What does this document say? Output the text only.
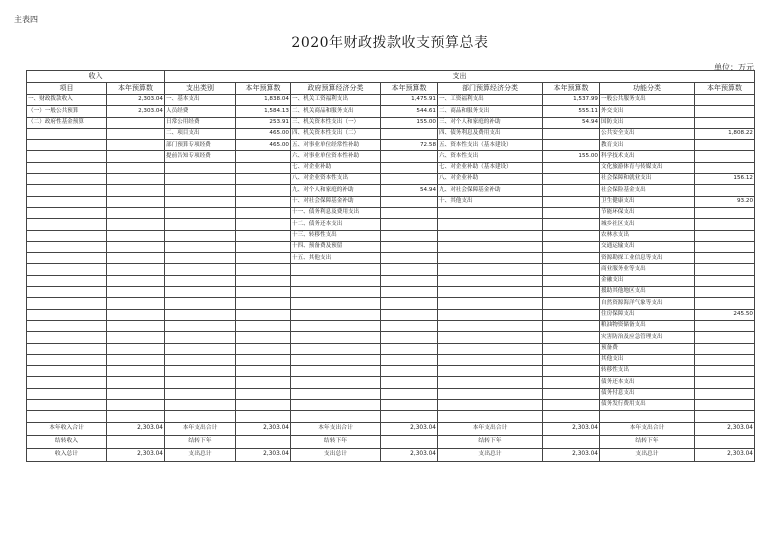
主表四
2020年财政拨款收支预算总表
单位：万元
收入		支出							
项目	本年预算数	支出类别	本年预算数	政府预算经济分类	本年预算数	部门预算经济分类	本年预算数	功能分类	本年预算数
一、财政拨款收入	2,303.04	一、基本支出	1,838.04	一、机关工资福利支出	1,475.91	一、工资福利支出	1,537.99	一般公共服务支出	
（一）一般公共预算	2,303.04	人员经费	1,584.13	二、机关商品和服务支出	544.61	二、商品和服务支出	555.11	外交支出	
（二）政府性基金预算		日常公用经费	253.91	三、机关资本性支出（一）	155.00	三、对个人和家庭的补助	54.94	国防支出	
		二、项目支出	465.00	四、机关资本性支出（二）		四、债务利息及费用支出		公共安全支出	1,808.22
		部门预算专项经费	465.00	五、对事业单位经常性补助	72.58	五、资本性支出（基本建设）		教育支出	
		提前告知专项经费		六、对事业单位资本性补助		六、资本性支出	155.00	科学技术支出	
				七、对企业补助		七、对企业补助（基本建设）		文化旅游体育与传媒支出	
				八、对企业资本性支出		八、对企业补助		社会保障和就业支出	156.12
				九、对个人和家庭的补助	54.94	九、对社会保障基金补助		社会保险基金支出	
				十、对社会保障基金补助		十、其他支出		卫生健康支出	93.20
				十一、债务利息及费用支出				节能环保支出	
				十二、债务还本支出				城乡社区支出	
				十三、转移性支出				农林水支出	
				十四、预备费及预留				交通运输支出	
				十五、其他支出				资源勘探工业信息等支出	
								商业服务业等支出	
								金融支出	
								援助其他地区支出	
								自然资源海洋气象等支出	
								住房保障支出	245.50
								粮油物资储备支出	
								灾害防治及应急管理支出	
								预备费	
								其他支出	
								转移性支出	
								债务还本支出	
								债务付息支出	
								债务发行费用支出	

本年收入合计	2,303.04	本年支出合计	2,303.04	本年支出合计	2,303.04	本年支出合计	2,303.04	本年支出合计	2,303.04
结转收入		结转下年		结转下年		结转下年		结转下年	
收入总计	2,303.04	支出总计	2,303.04	支出总计	2,303.04	支出总计	2,303.04	支出总计	2,303.04
